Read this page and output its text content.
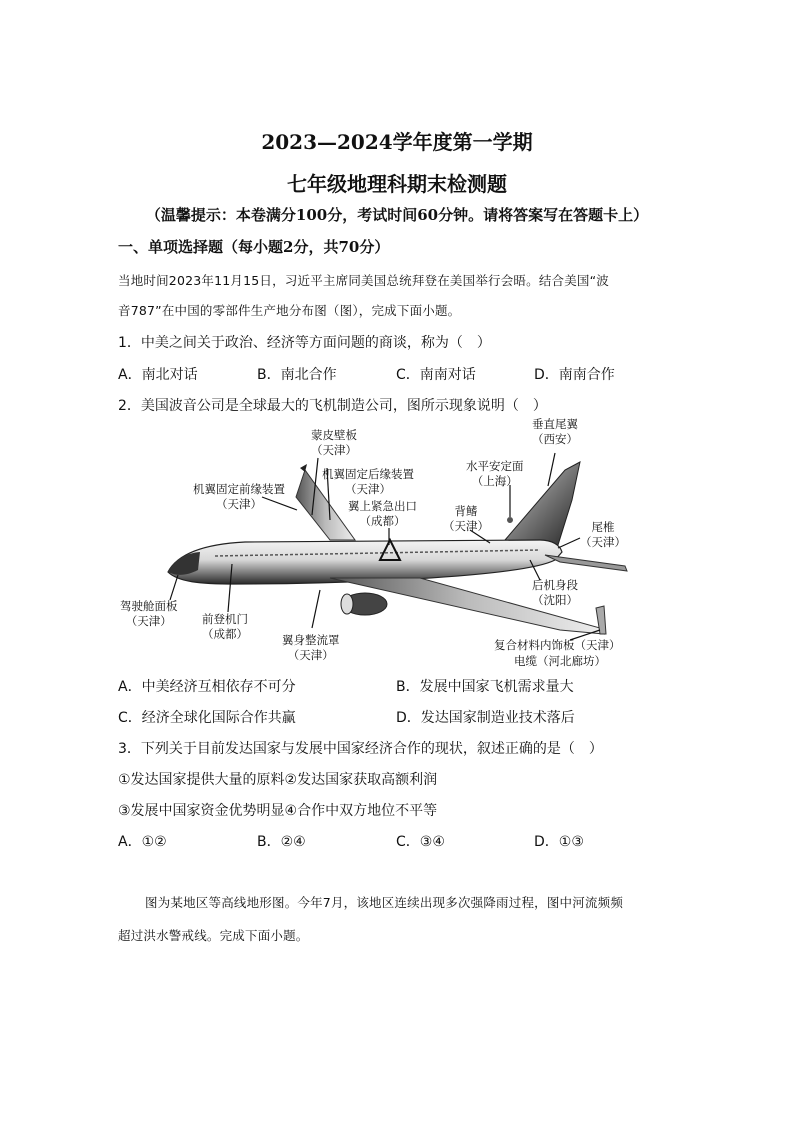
2023—2024学年度第一学期
七年级地理科期末检测题
（温馨提示：本卷满分100分，考试时间60分钟。请将答案写在答题卡上）
一、单项选择题（每小题2分，共70分）
当地时间2023年11月15日，习近平主席同美国总统拜登在美国举行会晤。结合美国“波
音787”在中国的零部件生产地分布图（图），完成下面小题。
1．中美之间关于政治、经济等方面问题的商谈，称为（　）
A．南北对话	B．南北合作	C．南南对话	D．南南合作
2．美国波音公司是全球最大的飞机制造公司，图所示现象说明（　）
蒙皮壁板
（天津）
垂直尾翼
（西安）
机翼固定后缘装置
（天津）
水平安定面
（上海）
机翼固定前缘装置
（天津）	翼上紧急出口
（成都）
背鳍
（天津）	尾椎
（天津）
后机身段
（沈阳）
驾驶舱面板
（天津）	前登机门
（成都）	翼身整流罩
（天津）
复合材料内饰板（天津）
电缆（河北廊坊）
A．中美经济互相依存不可分	B．发展中国家飞机需求量大
C．经济全球化国际合作共赢	D．发达国家制造业技术落后
3．下列关于目前发达国家与发展中国家经济合作的现状，叙述正确的是（　）
①发达国家提供大量的原料②发达国家获取高额利润
③发展中国家资金优势明显④合作中双方地位不平等
A．①②	B．②④	C．③④	D．①③
图为某地区等高线地形图。今年7月，该地区连续出现多次强降雨过程，图中河流频频
超过洪水警戒线。完成下面小题。
